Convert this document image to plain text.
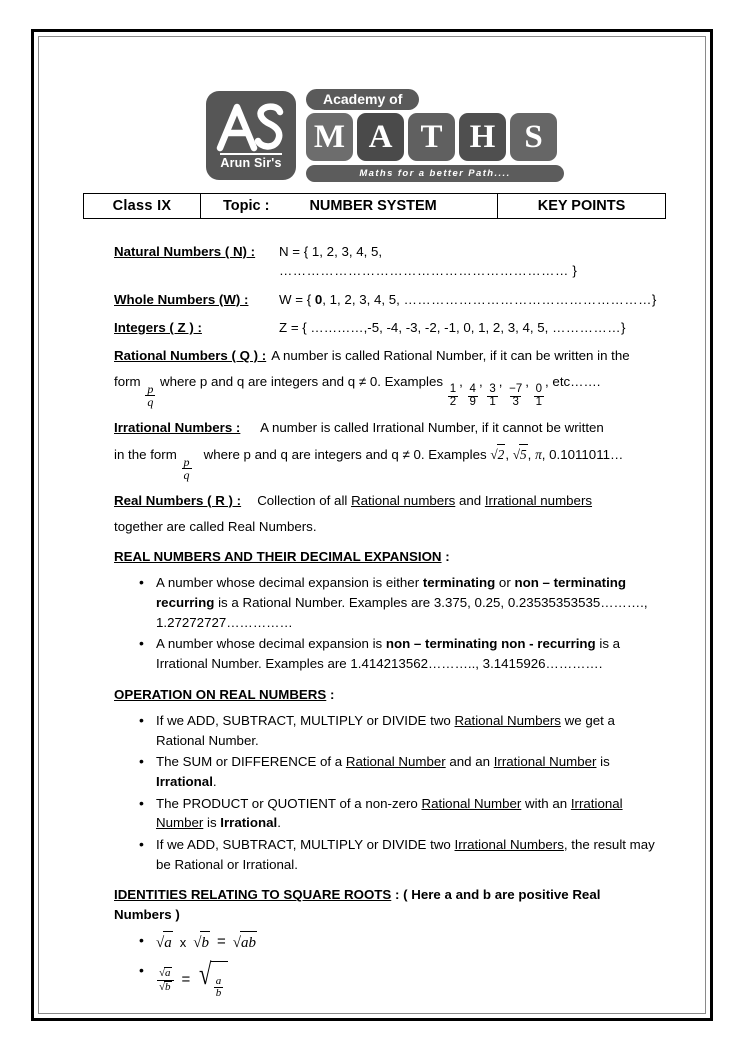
Arun Sir's
Academy of
M A T H S
Maths for a better Path....
Class IX	Topic :	NUMBER SYSTEM	KEY POINTS
Natural Numbers ( N) :	N = { 1, 2, 3, 4, 5, ……………………………………………………… }
Whole Numbers (W) :	W = { 0, 1, 2, 3, 4, 5, ………………………………………………}
Integers ( Z ) :	Z = { …………,-5, -4, -3, -2, -1, 0, 1, 2, 3, 4, 5, ……………}
Rational Numbers ( Q ) : A number is called Rational Number, if it can be written in the
form
$\frac{p}{q}$
where p and q are integers and q ≠ 0. Examples
$\frac{1}{2}$
,
$\frac{4}{9}$
,
$\frac{3}{1}$
,
$\frac{-7}{3}$
,
$\frac{0}{1}$
, etc…….
Irrational Numbers : A number is called Irrational Number, if it cannot be written
in the form
$\frac{p}{q}$
where p and q are integers and q ≠ 0. Examples √2, √5, π, 0.1011011…
Real Numbers ( R ) : Collection of all Rational numbers and Irrational numbers
together are called Real Numbers.
REAL NUMBERS AND THEIR DECIMAL EXPANSION :
• A number whose decimal expansion is either terminating or non – terminating recurring is a Rational Number. Examples are 3.375, 0.25, 0.23535353535………., 1.27272727……………
• A number whose decimal expansion is non – terminating non - recurring is a Irrational Number. Examples are 1.414213562……….., 3.1415926………….
OPERATION ON REAL NUMBERS :
• If we ADD, SUBTRACT, MULTIPLY or DIVIDE two Rational Numbers we get a Rational Number.
• The SUM or DIFFERENCE of a Rational Number and an Irrational Number is Irrational.
• The PRODUCT or QUOTIENT of a non-zero Rational Number with an Irrational Number is Irrational.
• If we ADD, SUBTRACT, MULTIPLY or DIVIDE two Irrational Numbers, the result may be Rational or Irrational.
IDENTITIES RELATING TO SQUARE ROOTS : ( Here a and b are positive Real Numbers )
• √a x √b = √ab
• $\frac{√a}{√b}$ = √ $\frac{a}{b}$
